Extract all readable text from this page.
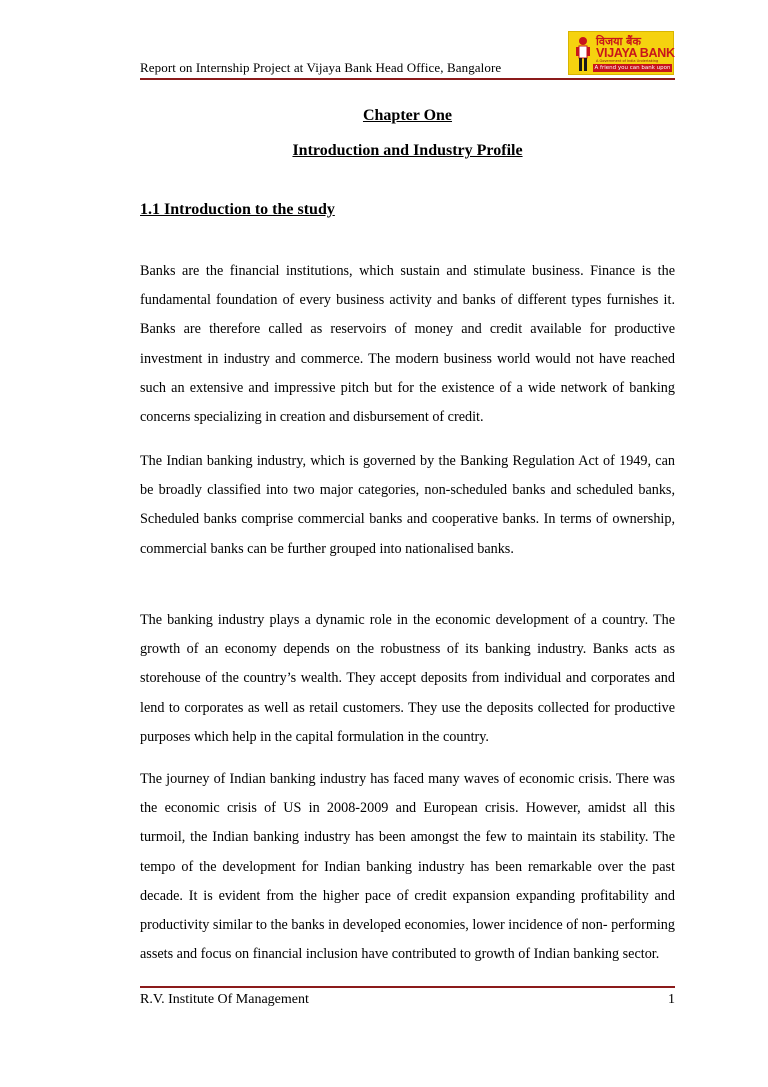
Report on Internship Project at Vijaya Bank Head Office, Bangalore
विजया बैंक
VIJAYA BANK
A Government of India Undertaking
A friend you can bank upon
Chapter One
Introduction and Industry Profile
1.1 Introduction to the study

Banks are the financial institutions, which sustain and stimulate business. Finance is the fundamental foundation of every business activity and banks of different types furnishes it. Banks are therefore called as reservoirs of money and credit available for productive investment in industry and commerce. The modern business world would not have reached such an extensive and impressive pitch but for the existence of a wide network of banking concerns specializing in creation and disbursement of credit.

The Indian banking industry, which is governed by the Banking Regulation Act of 1949, can be broadly classified into two major categories, non-scheduled banks and scheduled banks, Scheduled banks comprise commercial banks and cooperative banks. In terms of ownership, commercial banks can be further grouped into nationalised banks.

The banking industry plays a dynamic role in the economic development of a country. The growth of an economy depends on the robustness of its banking industry. Banks acts as storehouse of the country’s wealth. They accept deposits from individual and corporates and lend to corporates as well as retail customers. They use the deposits collected for productive purposes which help in the capital formulation in the country.

The journey of Indian banking industry has faced many waves of economic crisis. There was the economic crisis of US in 2008-2009 and European crisis. However, amidst all this turmoil, the Indian banking industry has been amongst the few to maintain its stability. The tempo of the development for Indian banking industry has been remarkable over the past decade. It is evident from the higher pace of credit expansion expanding profitability and productivity similar to the banks in developed economies, lower incidence of non- performing assets and focus on financial inclusion have contributed to growth of Indian banking sector.

R.V. Institute Of Management	1
